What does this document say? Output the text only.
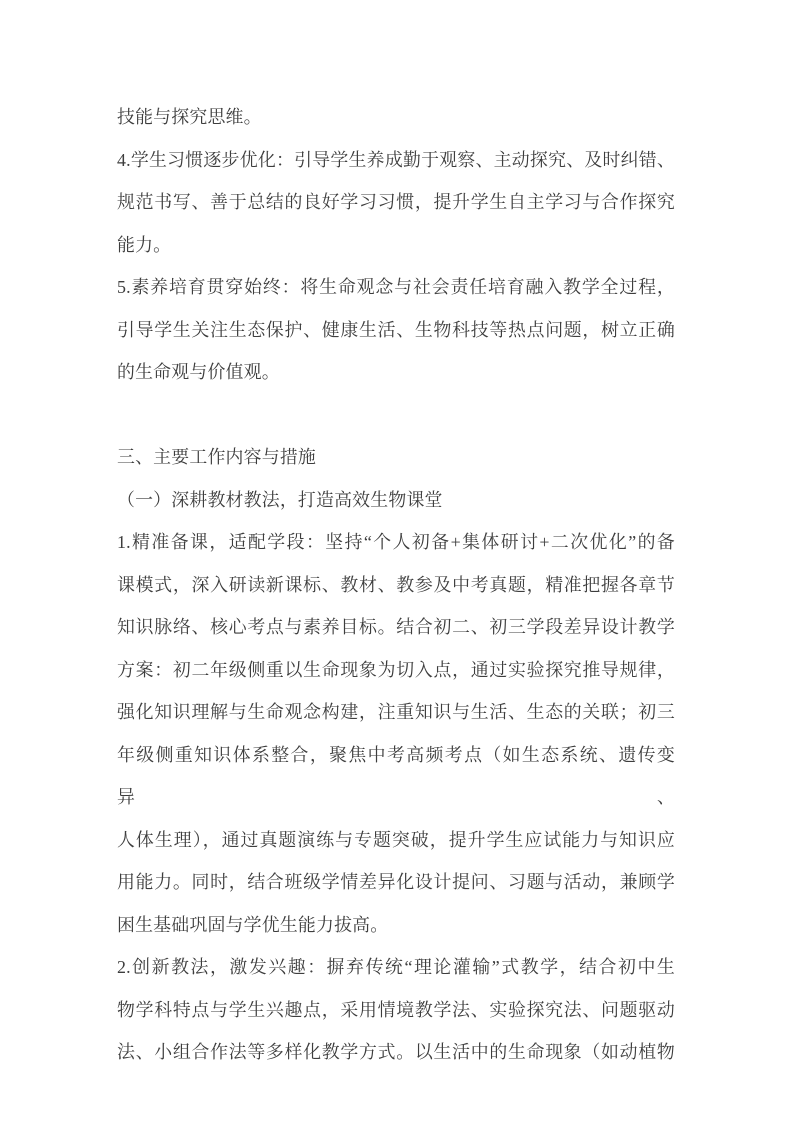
技能与探究思维。
4.学生习惯逐步优化：引导学生养成勤于观察、主动探究、及时纠错、
规范书写、善于总结的良好学习习惯，提升学生自主学习与合作探究
能力。
5.素养培育贯穿始终：将生命观念与社会责任培育融入教学全过程，
引导学生关注生态保护、健康生活、生物科技等热点问题，树立正确
的生命观与价值观。
三、主要工作内容与措施
（一）深耕教材教法，打造高效生物课堂
1.精准备课，适配学段：坚持“个人初备+集体研讨+二次优化”的备
课模式，深入研读新课标、教材、教参及中考真题，精准把握各章节
知识脉络、核心考点与素养目标。结合初二、初三学段差异设计教学
方案：初二年级侧重以生命现象为切入点，通过实验探究推导规律，
强化知识理解与生命观念构建，注重知识与生活、生态的关联；初三
年级侧重知识体系整合，聚焦中考高频考点（如生态系统、遗传变异、
人体生理），通过真题演练与专题突破，提升学生应试能力与知识应
用能力。同时，结合班级学情差异化设计提问、习题与活动，兼顾学
困生基础巩固与学优生能力拔高。
2.创新教法，激发兴趣：摒弃传统“理论灌输”式教学，结合初中生
物学科特点与学生兴趣点，采用情境教学法、实验探究法、问题驱动
法、小组合作法等多样化教学方式。以生活中的生命现象（如动植物
